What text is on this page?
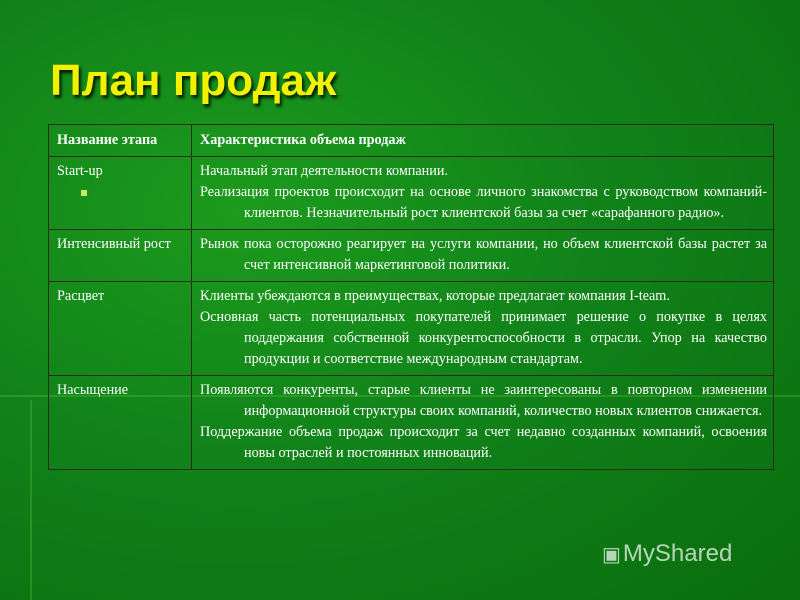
План продаж
Название этапа	Характеристика объема продаж

Start-up	Начальный этап деятельности компании.

Реализация проектов происходит на основе личного знакомства с руководством компаний-клиентов. Незначительный рост клиентской базы за счет «сарафанного радио».

Интенсивный рост	Рынок пока осторожно реагирует на услуги компании, но объем клиентской базы растет за счет интенсивной маркетинговой политики.

Расцвет	Клиенты убеждаются в преимуществах, которые предлагает компания I-team.

Основная часть потенциальных покупателей принимает решение о покупке в целях поддержания собственной конкурентоспособности в отрасли. Упор на качество продукции и соответствие международным стандартам.

Насыщение	Появляются конкуренты, старые клиенты не заинтересованы в повторном изменении информационной структуры своих компаний, количество новых клиентов снижается.

Поддержание объема продаж происходит за счет недавно созданных компаний, освоения новы отраслей и постоянных инноваций.

▣MyShared
